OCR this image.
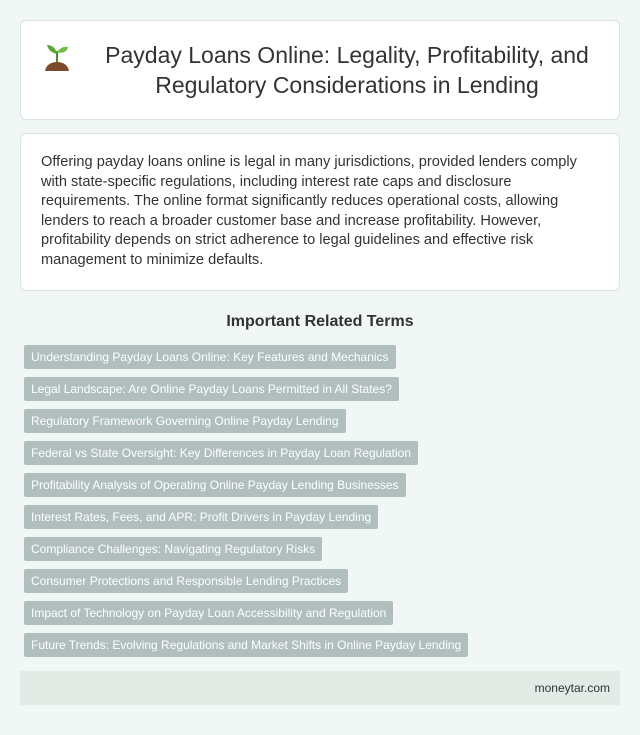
Payday Loans Online: Legality, Profitability, and Regulatory Considerations in Lending

Offering payday loans online is legal in many jurisdictions, provided lenders comply with state-specific regulations, including interest rate caps and disclosure requirements. The online format significantly reduces operational costs, allowing lenders to reach a broader customer base and increase profitability. However, profitability depends on strict adherence to legal guidelines and effective risk management to minimize defaults.

Important Related Terms
Understanding Payday Loans Online: Key Features and Mechanics
Legal Landscape: Are Online Payday Loans Permitted in All States?
Regulatory Framework Governing Online Payday Lending
Federal vs State Oversight: Key Differences in Payday Loan Regulation
Profitability Analysis of Operating Online Payday Lending Businesses
Interest Rates, Fees, and APR: Profit Drivers in Payday Lending
Compliance Challenges: Navigating Regulatory Risks
Consumer Protections and Responsible Lending Practices
Impact of Technology on Payday Loan Accessibility and Regulation
Future Trends: Evolving Regulations and Market Shifts in Online Payday Lending
moneytar.com
